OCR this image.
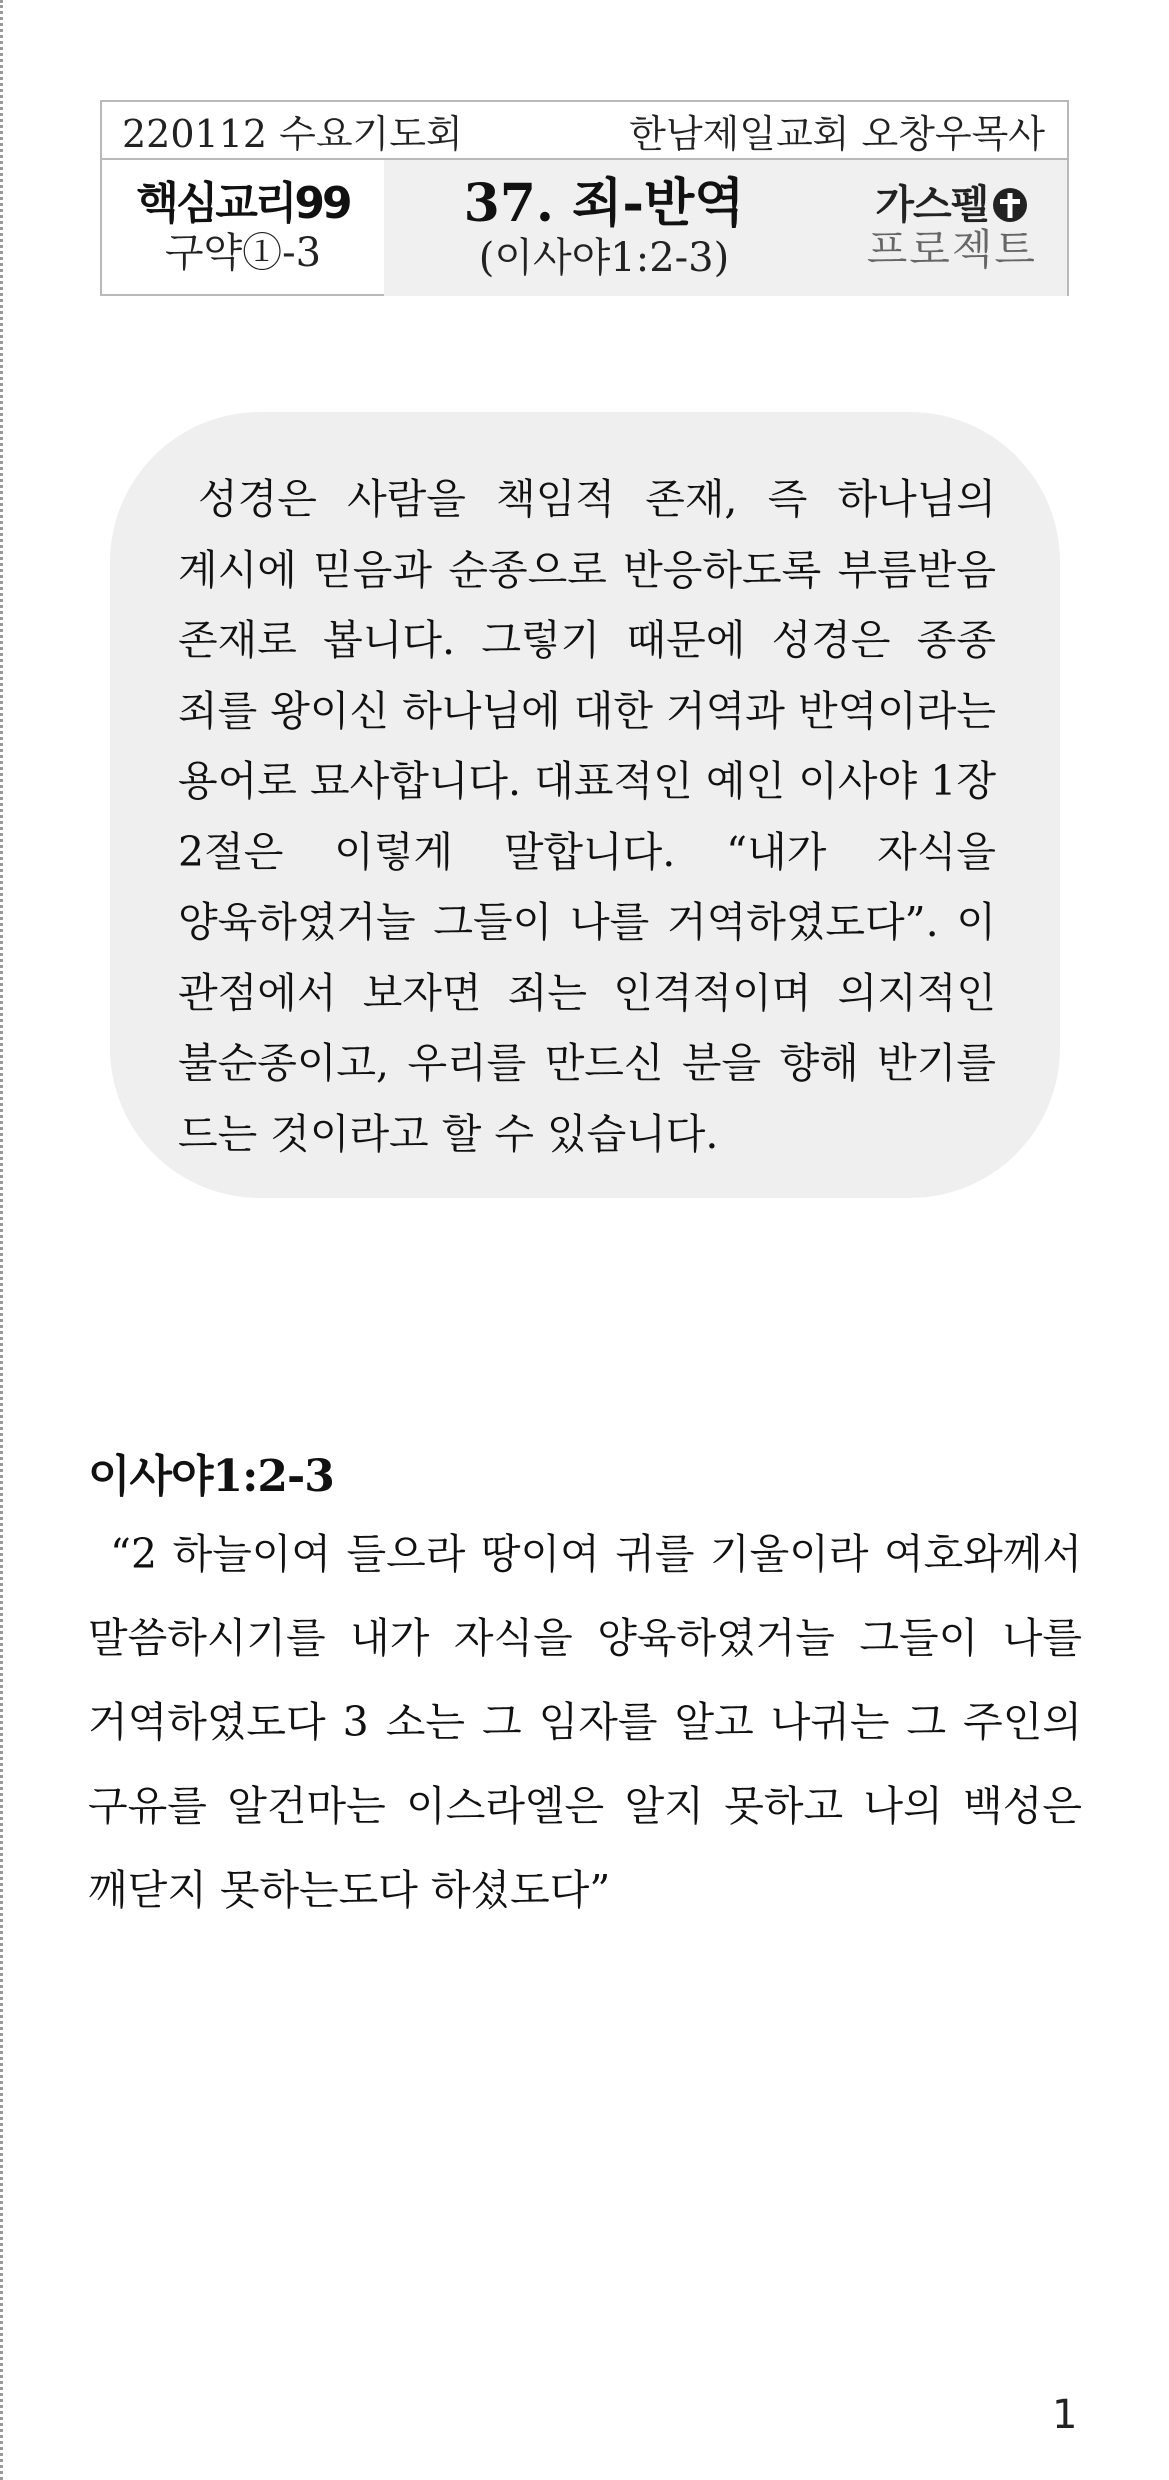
220112 수요기도회	한남제일교회 오창우목사
핵심교리99
구약①-3
37. 죄-반역
(이사야1:2-3)
가스펠
프로젝트

성경은 사람을 책임적 존재, 즉 하나님의 계시에 믿음과 순종으로 반응하도록 부름받음 존재로 봅니다. 그렇기 때문에 성경은 종종 죄를 왕이신 하나님에 대한 거역과 반역이라는 용어로 묘사합니다. 대표적인 예인 이사야 1장 2절은 이렇게 말합니다. “내가 자식을 양육하였거늘 그들이 나를 거역하였도다”. 이 관점에서 보자면 죄는 인격적이며 의지적인 불순종이고, 우리를 만드신 분을 향해 반기를 드는 것이라고 할 수 있습니다.

이사야1:2-3

“2 하늘이여 들으라 땅이여 귀를 기울이라 여호와께서 말씀하시기를 내가 자식을 양육하였거늘 그들이 나를 거역하였도다 3 소는 그 임자를 알고 나귀는 그 주인의 구유를 알건마는 이스라엘은 알지 못하고 나의 백성은 깨닫지 못하는도다 하셨도다”

1
